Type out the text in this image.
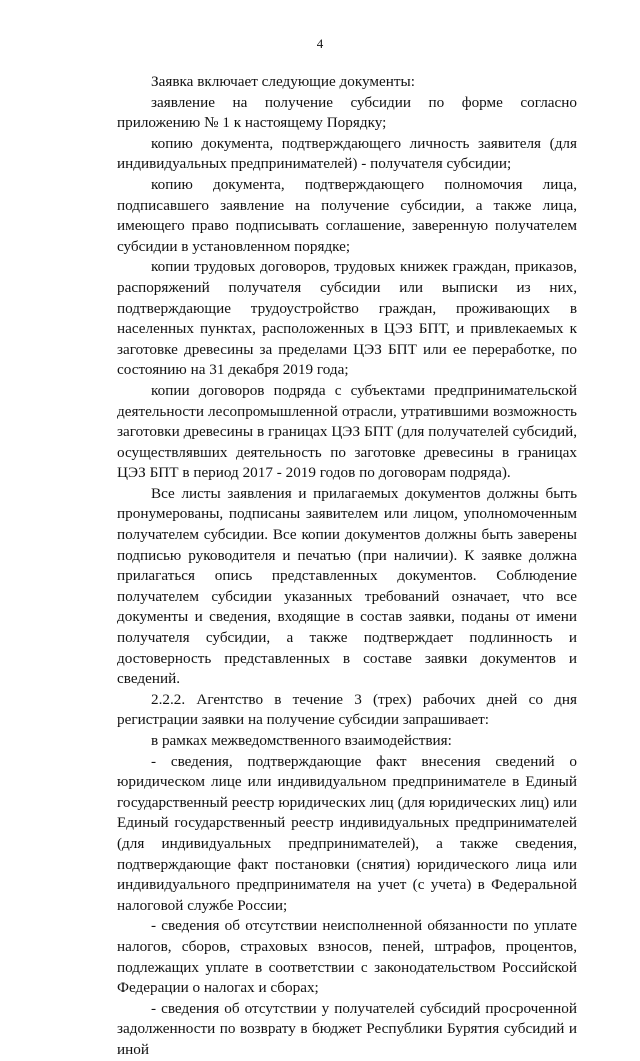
4

Заявка включает следующие документы:

заявление на получение субсидии по форме согласно приложению № 1 к настоящему Порядку;

копию документа, подтверждающего личность заявителя (для индивидуальных предпринимателей) - получателя субсидии;

копию документа, подтверждающего полномочия лица, подписавшего заявление на получение субсидии, а также лица, имеющего право подписывать соглашение, заверенную получателем субсидии в установленном порядке;

копии трудовых договоров, трудовых книжек граждан, приказов, распоряжений получателя субсидии или выписки из них, подтверждающие трудоустройство граждан, проживающих в населенных пунктах, расположенных в ЦЭЗ БПТ, и привлекаемых к заготовке древесины за пределами ЦЭЗ БПТ или ее переработке, по состоянию на 31 декабря 2019 года;

копии договоров подряда с субъектами предпринимательской деятельности лесопромышленной отрасли, утратившими возможность заготовки древесины в границах ЦЭЗ БПТ (для получателей субсидий, осуществлявших деятельность по заготовке древесины в границах ЦЭЗ БПТ в период 2017 - 2019 годов по договорам подряда).

Все листы заявления и прилагаемых документов должны быть пронумерованы, подписаны заявителем или лицом, уполномоченным получателем субсидии. Все копии документов должны быть заверены подписью руководителя и печатью (при наличии). К заявке должна прилагаться опись представленных документов. Соблюдение получателем субсидии указанных требований означает, что все документы и сведения, входящие в состав заявки, поданы от имени получателя субсидии, а также подтверждает подлинность и достоверность представленных в составе заявки документов и сведений.

2.2.2. Агентство в течение 3 (трех) рабочих дней со дня регистрации заявки на получение субсидии запрашивает:

в рамках межведомственного взаимодействия:

- сведения, подтверждающие факт внесения сведений о юридическом лице или индивидуальном предпринимателе в Единый государственный реестр юридических лиц (для юридических лиц) или Единый государственный реестр индивидуальных предпринимателей (для индивидуальных предпринимателей), а также сведения, подтверждающие факт постановки (снятия) юридического лица или индивидуального предпринимателя на учет (с учета) в Федеральной налоговой службе России;

- сведения об отсутствии неисполненной обязанности по уплате налогов, сборов, страховых взносов, пеней, штрафов, процентов, подлежащих уплате в соответствии с законодательством Российской Федерации о налогах и сборах;

- сведения об отсутствии у получателей субсидий просроченной задолженности по возврату в бюджет Республики Бурятия субсидий и иной
